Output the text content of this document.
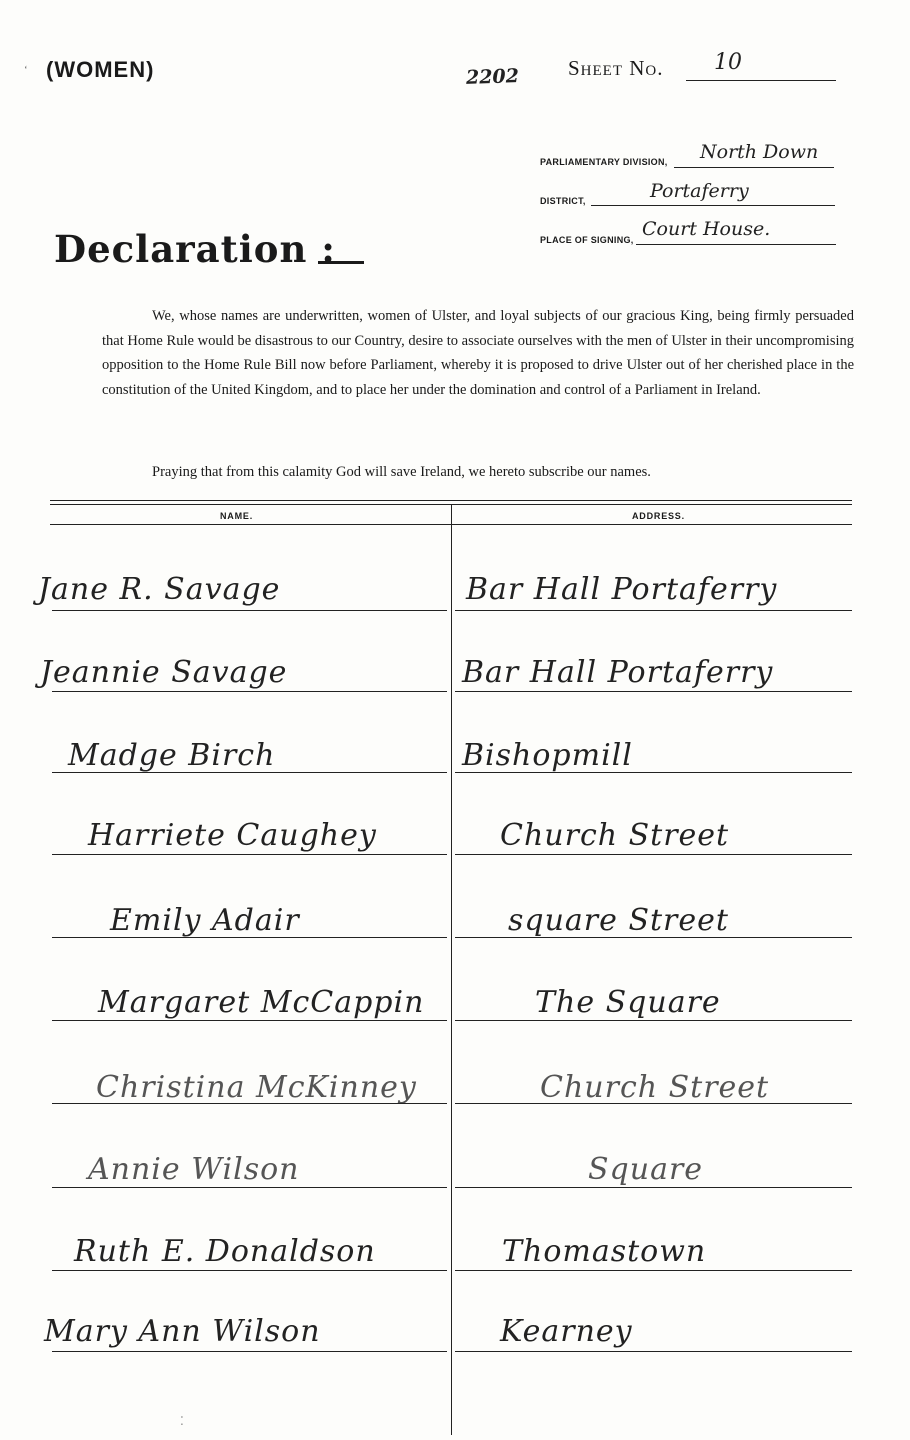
‘ (WOMEN)	2202 Sheet No. 10
PARLIAMENTARY DIVISION, North Down
DISTRICT,	Portaferry
PLACE OF SIGNING, Court House.
Declaration :
We, whose names are underwritten, women of Ulster, and loyal subjects of our gracious King, being firmly persuaded that Home Rule would be disastrous to our Country, desire to associate ourselves with the men of Ulster in their uncompromising opposition to the Home Rule Bill now before Parliament, whereby it is proposed to drive Ulster out of her cherished place in the constitution of the United Kingdom, and to place her under the domination and control of a Parliament in Ireland.
Praying that from this calamity God will save Ireland, we hereto subscribe our names.
NAME.	ADDRESS.
Jane R. Savage	Bar Hall Portaferry
Jeannie Savage	Bar Hall Portaferry
Madge Birch	Bishopmill
Harriete Caughey	Church Street
Emily Adair	square Street
Margaret McCappin	The Square
Christina McKinney	Church Street
Annie Wilson	Square
Ruth E. Donaldson	Thomastown
Mary Ann Wilson	Kearney
⁚
